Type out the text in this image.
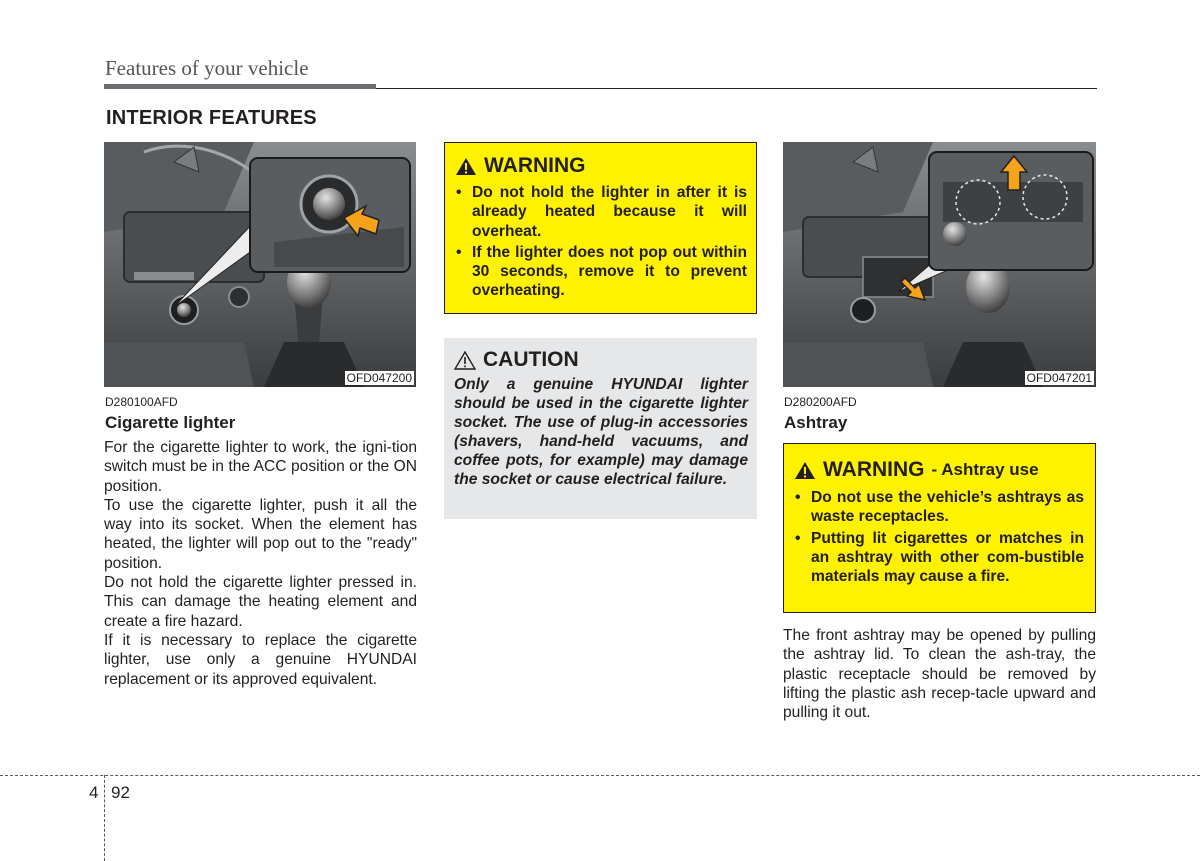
Features of your vehicle
INTERIOR FEATURES
OFD047200
D280100AFD
Cigarette lighter

For the cigarette lighter to work, the igni-tion switch must be in the ACC position or the ON position.

To use the cigarette lighter, push it all the way into its socket. When the element has heated, the lighter will pop out to the "ready" position.

Do not hold the cigarette lighter pressed in. This can damage the heating element and create a fire hazard.

If it is necessary to replace the cigarette lighter, use only a genuine HYUNDAI replacement or its approved equivalent.

WARNING
• Do not hold the lighter in after it is already heated because it will overheat.
• If the lighter does not pop out within 30 seconds, remove it to prevent overheating.
CAUTION
Only a genuine HYUNDAI lighter should be used in the cigarette lighter socket. The use of plug-in accessories (shavers, hand-held vacuums, and coffee pots, for example) may damage the socket or cause electrical failure.
OFD047201
D280200AFD
Ashtray
WARNING - Ashtray use
• Do not use the vehicle’s ashtrays as waste receptacles.
• Putting lit cigarettes or matches in an ashtray with other com-bustible materials may cause a fire.
The front ashtray may be opened by pulling the ashtray lid. To clean the ash-tray, the plastic receptacle should be removed by lifting the plastic ash recep-tacle upward and pulling it out.
4 92
